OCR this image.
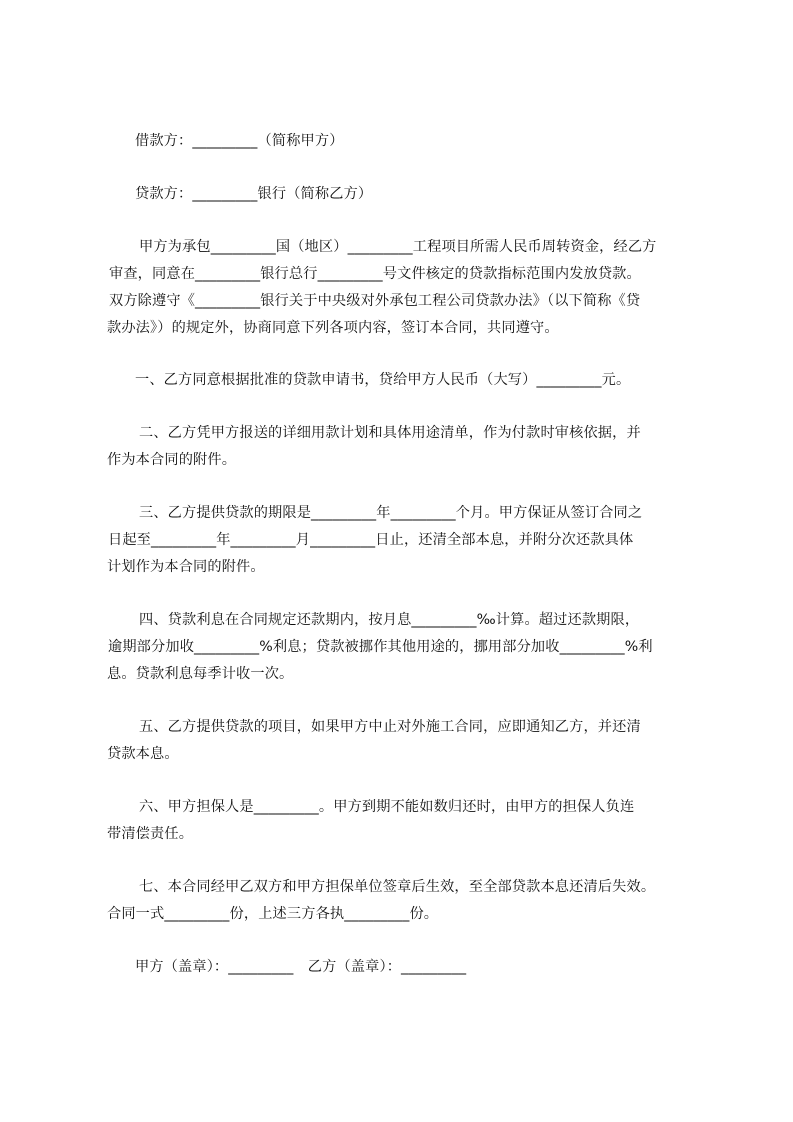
借款方：_________（简称甲方）
贷款方：_________银行（简称乙方）
甲方为承包_________国（地区）_________工程项目所需人民币周转资金，经乙方
审查，同意在_________银行总行_________号文件核定的贷款指标范围内发放贷款。
双方除遵守《_________银行关于中央级对外承包工程公司贷款办法》（以下简称《贷
款办法》）的规定外，协商同意下列各项内容，签订本合同，共同遵守。
一、乙方同意根据批准的贷款申请书，贷给甲方人民币（大写）_________元。
二、乙方凭甲方报送的详细用款计划和具体用途清单，作为付款时审核依据，并
作为本合同的附件。
三、乙方提供贷款的期限是_________年_________个月。甲方保证从签订合同之
日起至_________年_________月_________日止，还清全部本息，并附分次还款具体
计划作为本合同的附件。
四、贷款利息在合同规定还款期内，按月息_________‰计算。超过还款期限，
逾期部分加收_________%利息；贷款被挪作其他用途的，挪用部分加收_________%利
息。贷款利息每季计收一次。
五、乙方提供贷款的项目，如果甲方中止对外施工合同，应即通知乙方，并还清
贷款本息。
六、甲方担保人是_________。甲方到期不能如数归还时，由甲方的担保人负连
带清偿责任。
七、本合同经甲乙双方和甲方担保单位签章后生效，至全部贷款本息还清后失效。
合同一式_________份，上述三方各执_________份。
甲方（盖章）：_________　乙方（盖章）：_________
